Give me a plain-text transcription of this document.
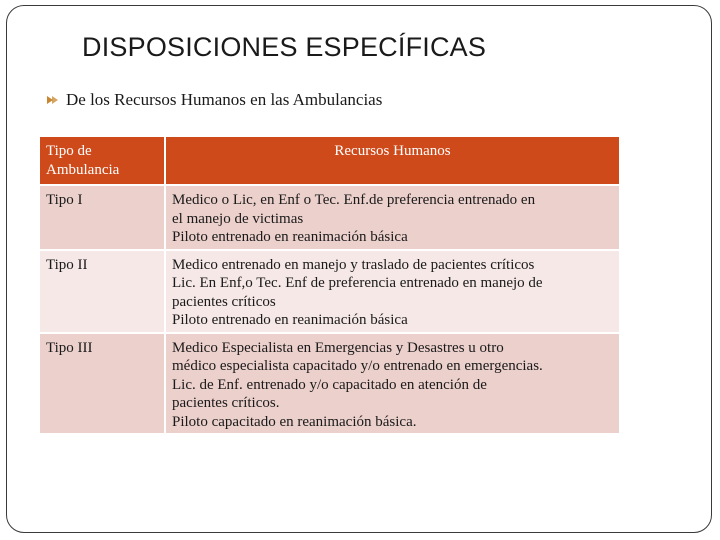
DISPOSICIONES ESPECÍFICAS
De los Recursos Humanos en las Ambulancias
Tipo de Ambulancia	Recursos Humanos
Tipo I	Medico o Lic, en Enf o Tec. Enf.de preferencia entrenado en
el manejo de victimas
Piloto entrenado en reanimación básica

Tipo II	Medico entrenado en manejo y traslado de pacientes críticos
Lic. En Enf,o Tec. Enf de preferencia entrenado en manejo de
pacientes críticos
Piloto entrenado en reanimación básica

Tipo III	Medico Especialista en Emergencias y Desastres u otro
médico especialista capacitado y/o entrenado en emergencias.
Lic. de Enf. entrenado y/o capacitado en atención de
pacientes críticos.
Piloto capacitado en reanimación básica.
